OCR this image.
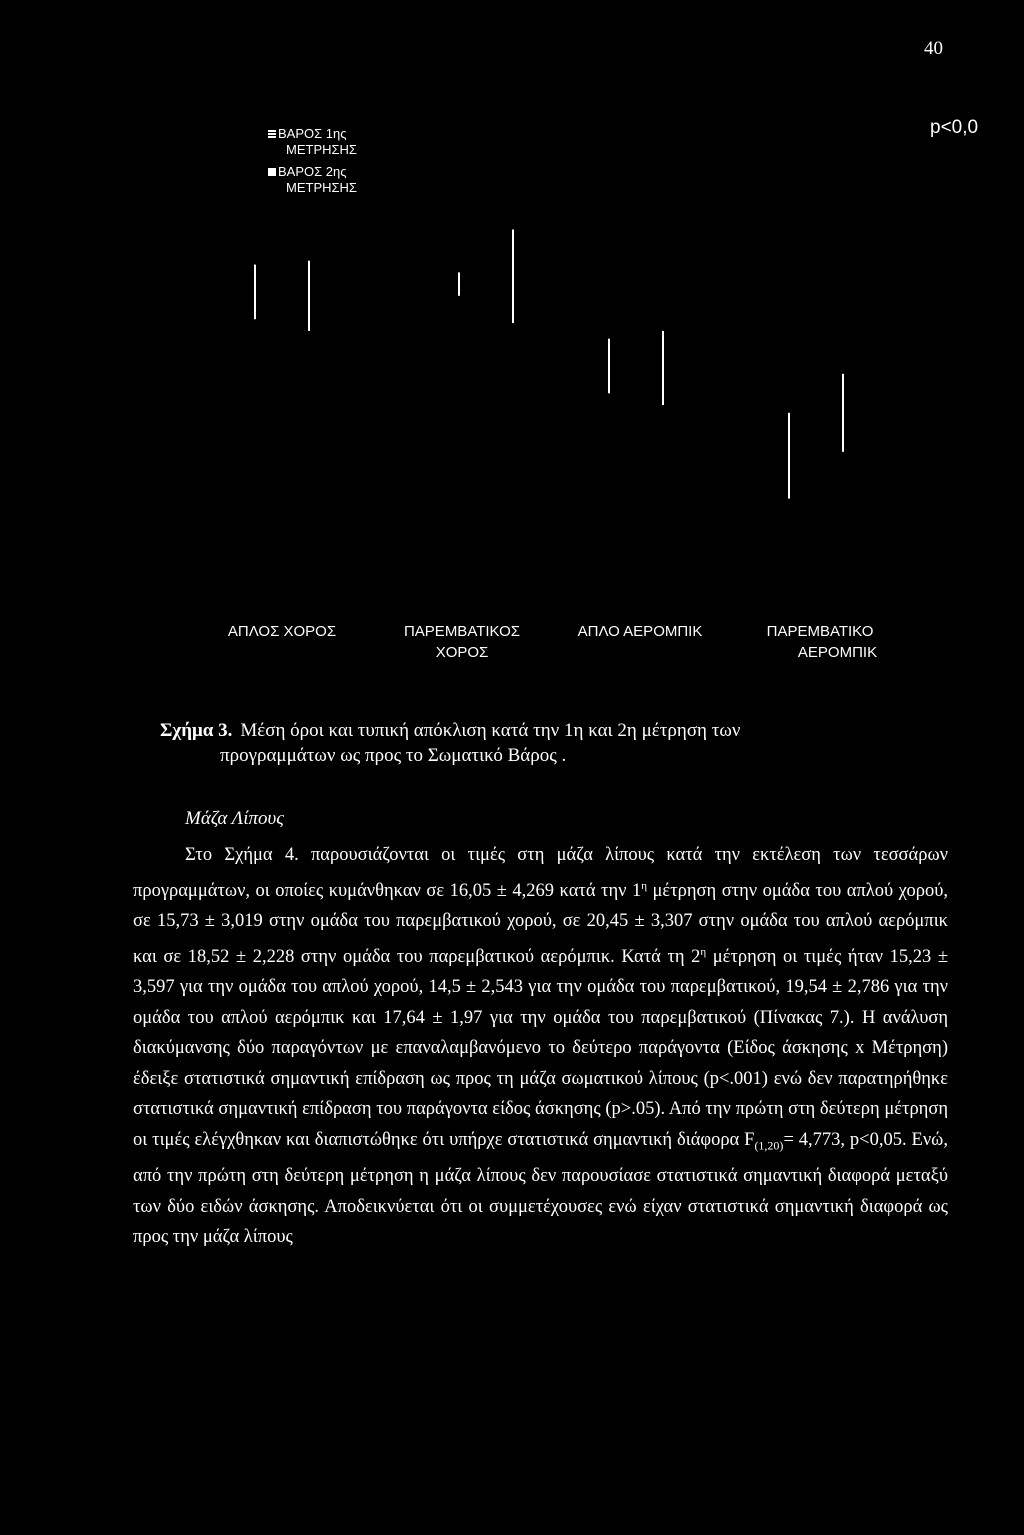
40
p<0,0
ΒΑΡΟΣ 1ης
ΜΕΤΡΗΣΗΣ
ΒΑΡΟΣ 2ης
ΜΕΤΡΗΣΗΣ
ΑΠΛΟΣ ΧΟΡΟΣ	ΠΑΡΕΜΒΑΤΙΚΟΣ
ΧΟΡΟΣ
ΑΠΛΟ ΑΕΡΟΜΠΙΚ	ΠΑΡΕΜΒΑΤΙΚΟ
ΑΕΡΟΜΠΙΚ
Σχήμα 3. Μέση όροι και τυπική απόκλιση κατά την 1η και 2η μέτρηση των
προγραμμάτων ως προς το Σωματικό Βάρος .
Μάζα Λίπους
Στο Σχήμα 4. παρουσιάζονται οι τιμές στη μάζα λίπους κατά την εκτέλεση των τεσσάρων προγραμμάτων, οι οποίες κυμάνθηκαν σε 16,05 ± 4,269 κατά την $1^\eta$ μέτρηση στην ομάδα του απλού χορού, σε 15,73 ± 3,019 στην ομάδα του παρεμβατικού χορού, σε 20,45 ± 3,307 στην ομάδα του απλού αερόμπικ και σε 18,52 ± 2,228 στην ομάδα του παρεμβατικού αερόμπικ. Κατά τη $2^\eta$ μέτρηση οι τιμές ήταν 15,23 ± 3,597 για την ομάδα του απλού χορού, 14,5 ± 2,543 για την ομάδα του παρεμβατικού, 19,54 ± 2,786 για την ομάδα του απλού αερόμπικ και 17,64 ± 1,97 για την ομάδα του παρεμβατικού (Πίνακας 7.). Η ανάλυση διακύμανσης δύο παραγόντων με επαναλαμβανόμενο το δεύτερο παράγοντα (Είδος άσκησης x Μέτρηση) έδειξε στατιστικά σημαντική επίδραση ως προς τη μάζα σωματικού λίπους (p<.001) ενώ δεν παρατηρήθηκε στατιστικά σημαντική επίδραση του παράγοντα είδος άσκησης (p>.05). Από την πρώτη στη δεύτερη μέτρηση οι τιμές ελέγχθηκαν και διαπιστώθηκε ότι υπήρχε στατιστικά σημαντική διάφορα $F_{(1,20)}= 4,773$, p<0,05. Ενώ, από την πρώτη στη δεύτερη μέτρηση η μάζα λίπους δεν παρουσίασε στατιστικά σημαντική διαφορά μεταξύ των δύο ειδών άσκησης. Αποδεικνύεται ότι οι συμμετέχουσες ενώ είχαν στατιστικά σημαντική διαφορά ως προς την μάζα λίπους
